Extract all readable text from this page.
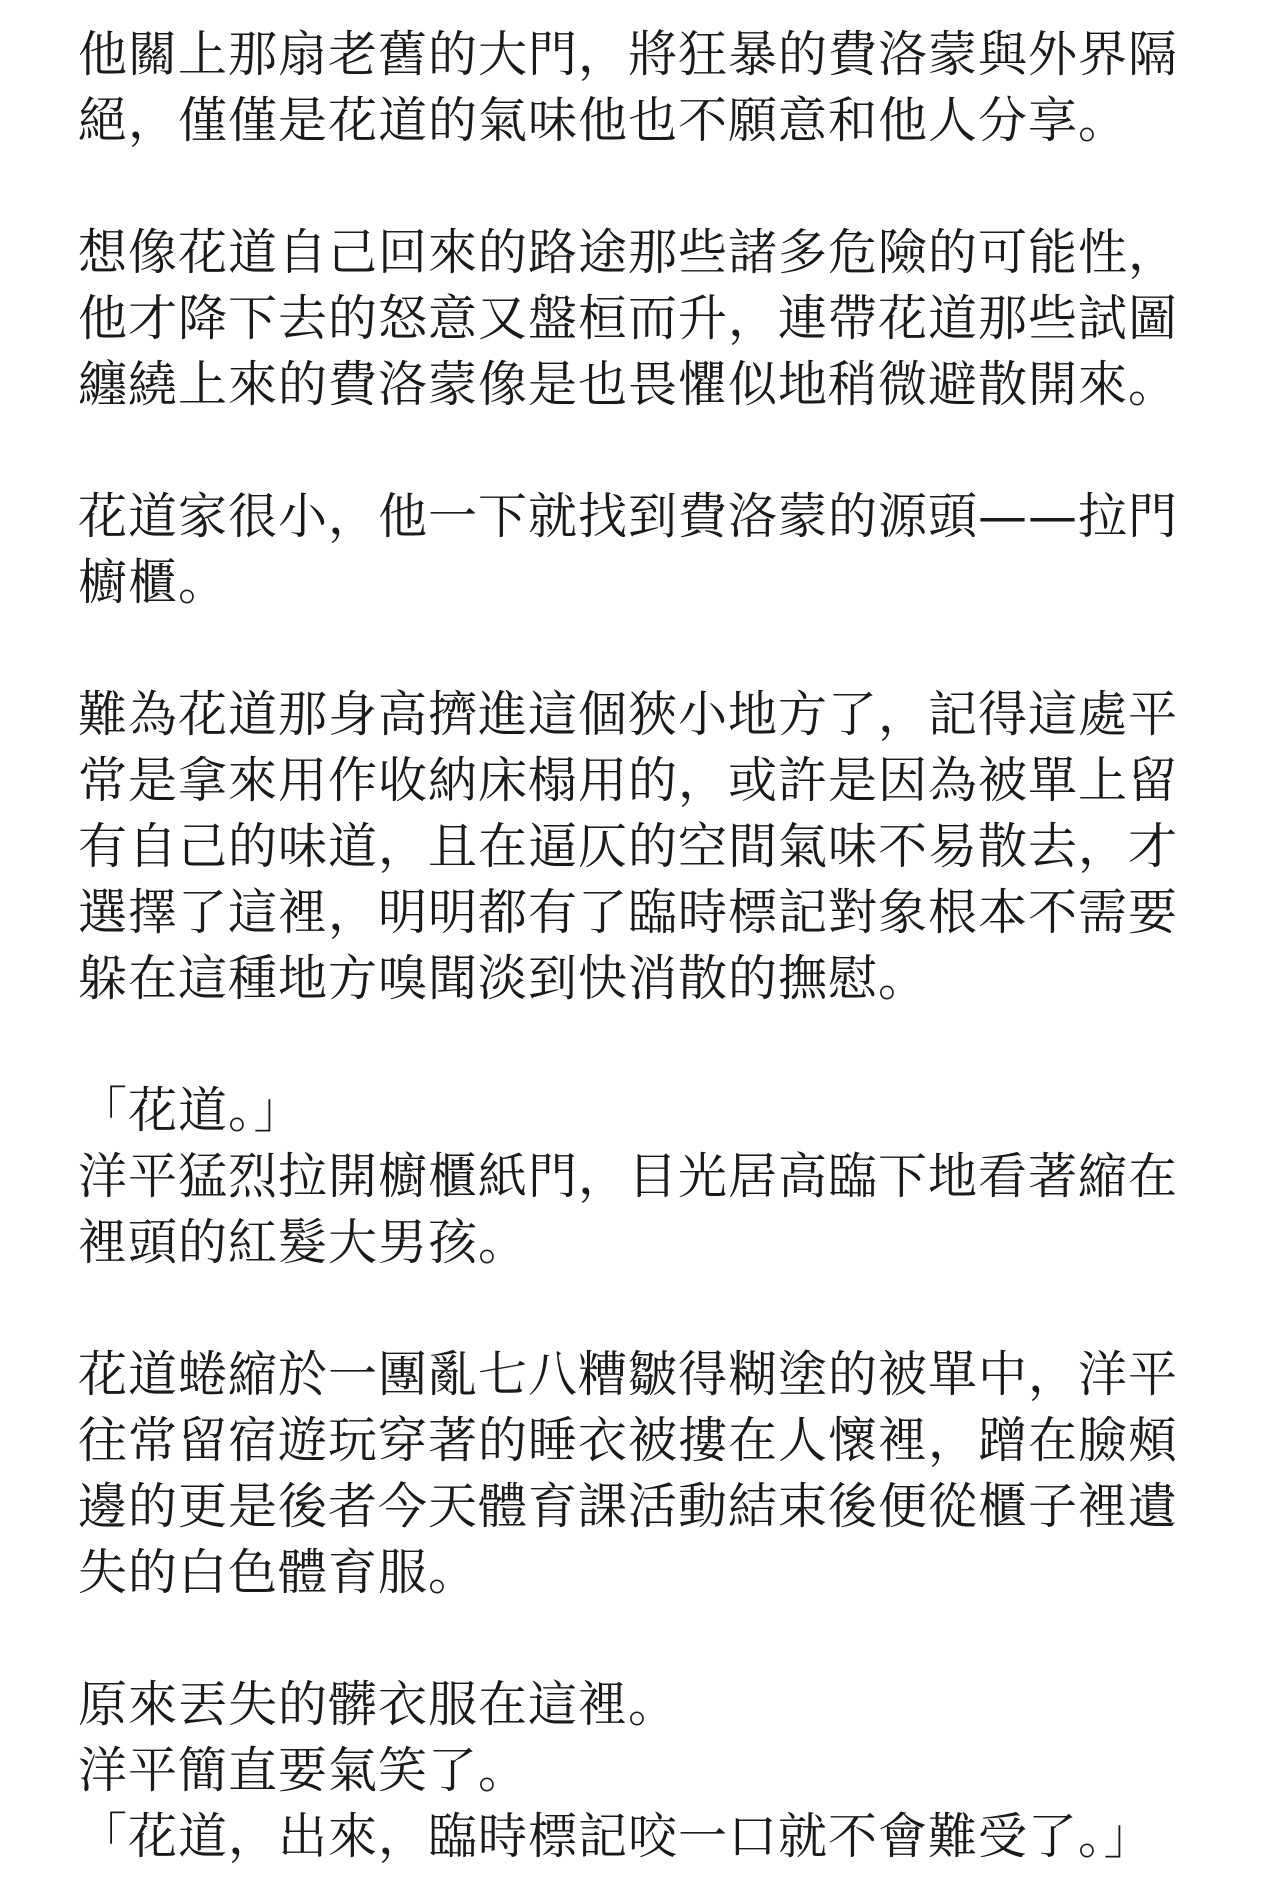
他關上那扇老舊的大門，將狂暴的費洛蒙與外界隔
絕，僅僅是花道的氣味他也不願意和他人分享。

想像花道自己回來的路途那些諸多危險的可能性，
他才降下去的怒意又盤桓而升，連帶花道那些試圖
纏繞上來的費洛蒙像是也畏懼似地稍微避散開來。

花道家很小，他一下就找到費洛蒙的源頭——拉門
櫥櫃。

難為花道那身高擠進這個狹小地方了，記得這處平
常是拿來用作收納床榻用的，或許是因為被單上留
有自己的味道，且在逼仄的空間氣味不易散去，才
選擇了這裡，明明都有了臨時標記對象根本不需要
躲在這種地方嗅聞淡到快消散的撫慰。

「花道。」
洋平猛烈拉開櫥櫃紙門，目光居高臨下地看著縮在
裡頭的紅髮大男孩。

花道蜷縮於一團亂七八糟皺得糊塗的被單中，洋平
往常留宿遊玩穿著的睡衣被摟在人懷裡，蹭在臉頰
邊的更是後者今天體育課活動結束後便從櫃子裡遺
失的白色體育服。

原來丟失的髒衣服在這裡。
洋平簡直要氣笑了。
「花道，出來，臨時標記咬一口就不會難受了。」
